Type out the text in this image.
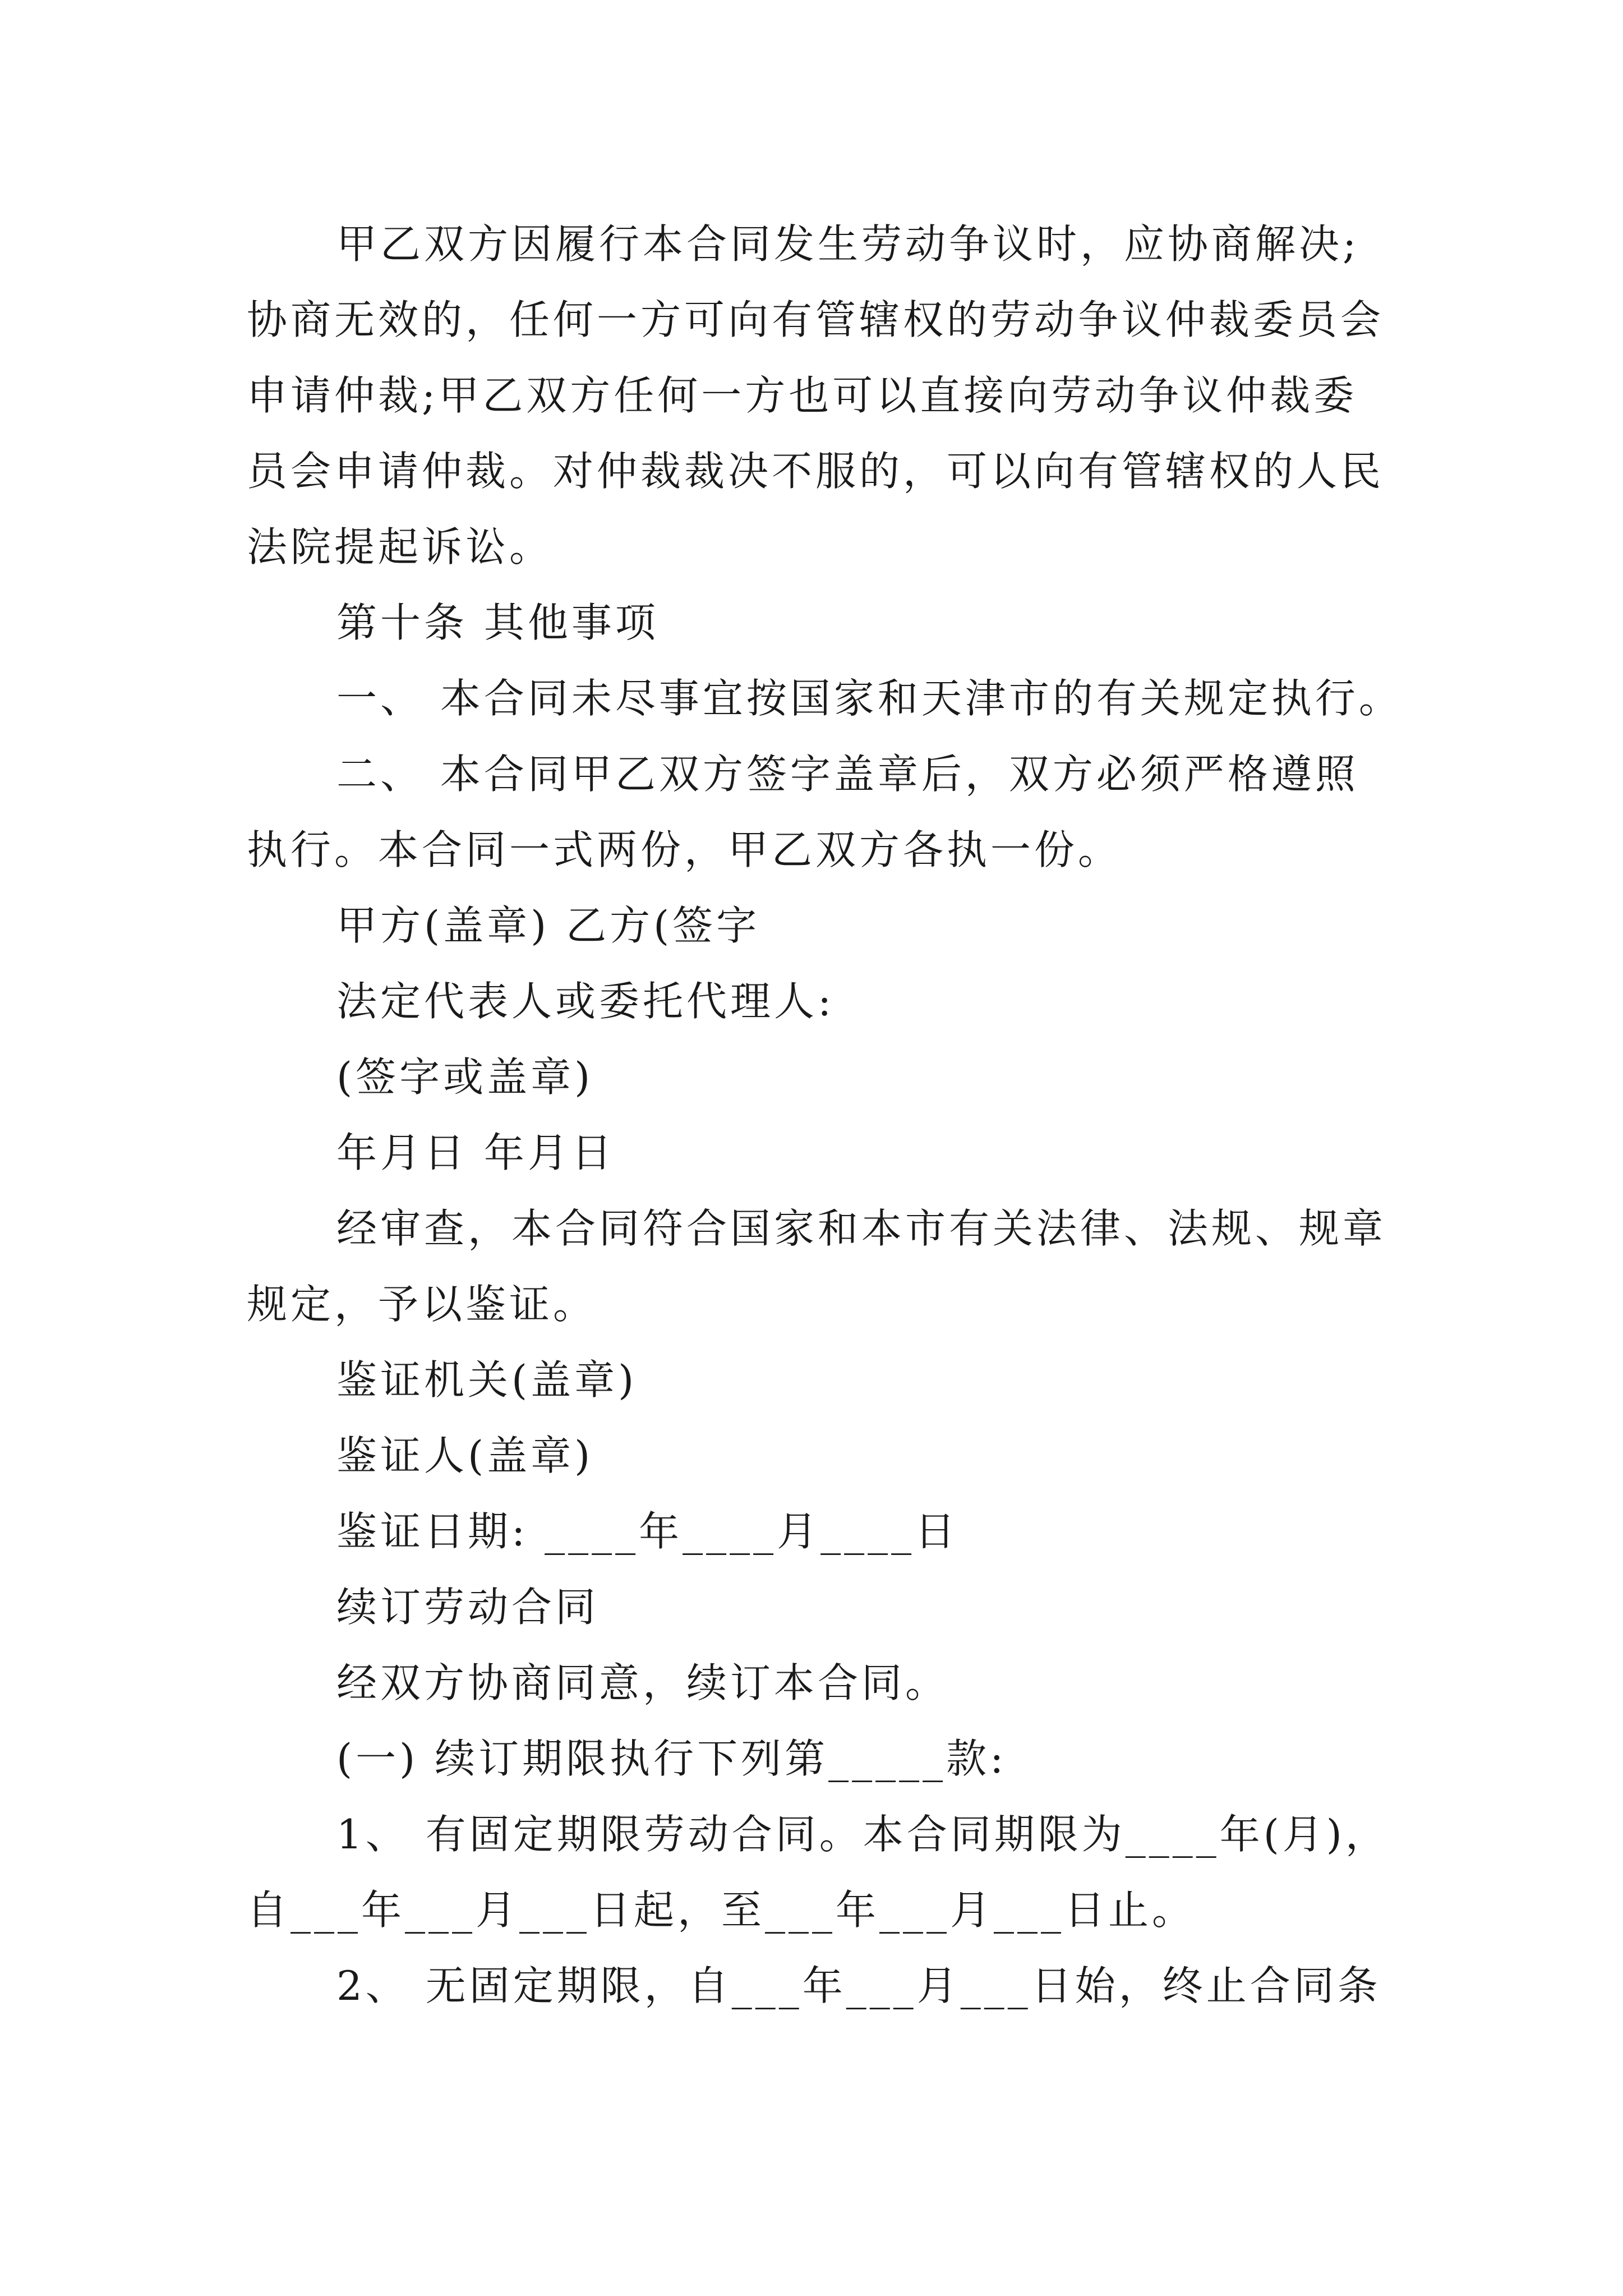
甲乙双方因履行本合同发生劳动争议时，应协商解决;
协商无效的，任何一方可向有管辖权的劳动争议仲裁委员会
申请仲裁;甲乙双方任何一方也可以直接向劳动争议仲裁委
员会申请仲裁。对仲裁裁决不服的，可以向有管辖权的人民
法院提起诉讼。
第十条 其他事项
一、 本合同未尽事宜按国家和天津市的有关规定执行。
二、 本合同甲乙双方签字盖章后，双方必须严格遵照
执行。本合同一式两份，甲乙双方各执一份。
甲方(盖章) 乙方(签字
法定代表人或委托代理人:
(签字或盖章)
年月日 年月日
经审查，本合同符合国家和本市有关法律、法规、规章
规定，予以鉴证。
鉴证机关(盖章)
鉴证人(盖章)
鉴证日期: ____年____月____日
续订劳动合同
经双方协商同意，续订本合同。
(一) 续订期限执行下列第_____款:
1、 有固定期限劳动合同。本合同期限为____年(月)，
自___年___月___日起，至___年___月___日止。
2、 无固定期限，自___年___月___日始，终止合同条
